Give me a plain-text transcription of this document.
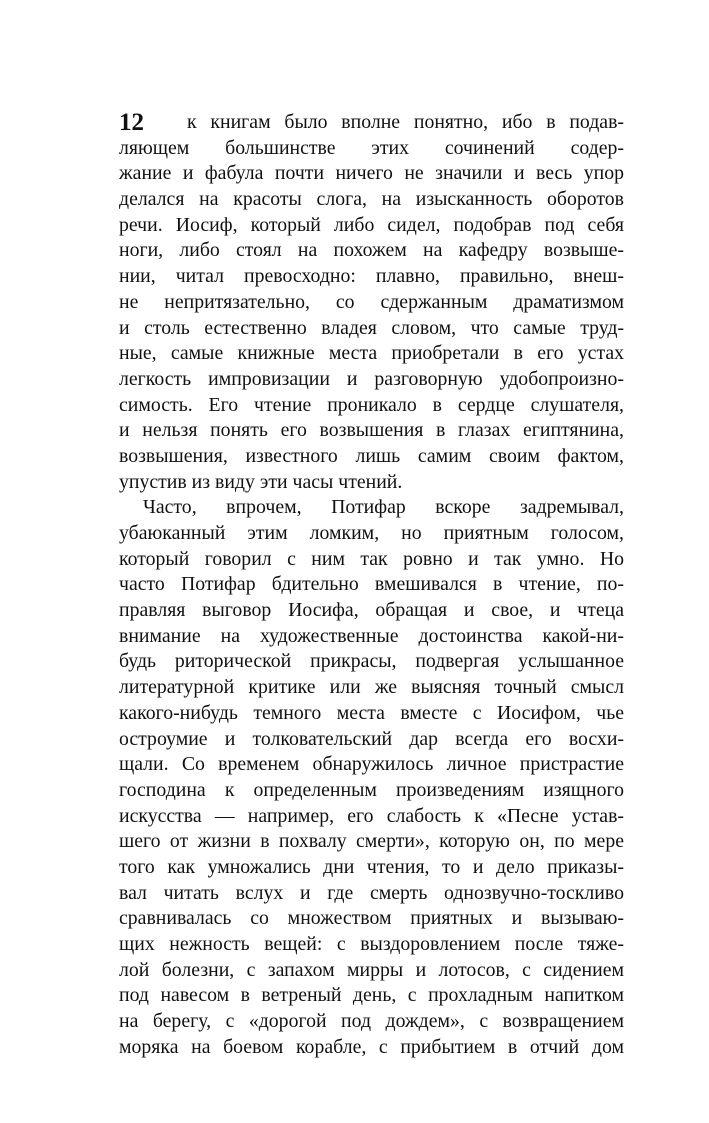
12 к книгам было вполне понятно, ибо в подав-
ляющем большинстве этих сочинений содер-
жание и фабула почти ничего не значили и весь упор
делался на красоты слога, на изысканность оборотов
речи. Иосиф, который либо сидел, подобрав под себя
ноги, либо стоял на похожем на кафедру возвыше-
нии, читал превосходно: плавно, правильно, внеш-
не непритязательно, со сдержанным драматизмом
и столь естественно владея словом, что самые труд-
ные, самые книжные места приобретали в его устах
легкость импровизации и разговорную удобопроизно-
симость. Его чтение проникало в сердце слушателя,
и нельзя понять его возвышения в глазах египтянина,
возвышения, известного лишь самим своим фактом,
упустив из виду эти часы чтений.
Часто, впрочем, Потифар вскоре задремывал,
убаюканный этим ломким, но приятным голосом,
который говорил с ним так ровно и так умно. Но
часто Потифар бдительно вмешивался в чтение, по-
правляя выговор Иосифа, обращая и свое, и чтеца
внимание на художественные достоинства какой-ни-
будь риторической прикрасы, подвергая услышанное
литературной критике или же выясняя точный смысл
какого-нибудь темного места вместе с Иосифом, чье
остроумие и толковательский дар всегда его восхи-
щали. Со временем обнаружилось личное пристрастие
господина к определенным произведениям изящного
искусства — например, его слабость к «Песне устав-
шего от жизни в похвалу смерти», которую он, по мере
того как умножались дни чтения, то и дело приказы-
вал читать вслух и где смерть однозвучно-тоскливо
сравнивалась со множеством приятных и вызываю-
щих нежность вещей: с выздоровлением после тяже-
лой болезни, с запахом мирры и лотосов, с сидением
под навесом в ветреный день, с прохладным напитком
на берегу, с «дорогой под дождем», с возвращением
моряка на боевом корабле, с прибытием в отчий дом
